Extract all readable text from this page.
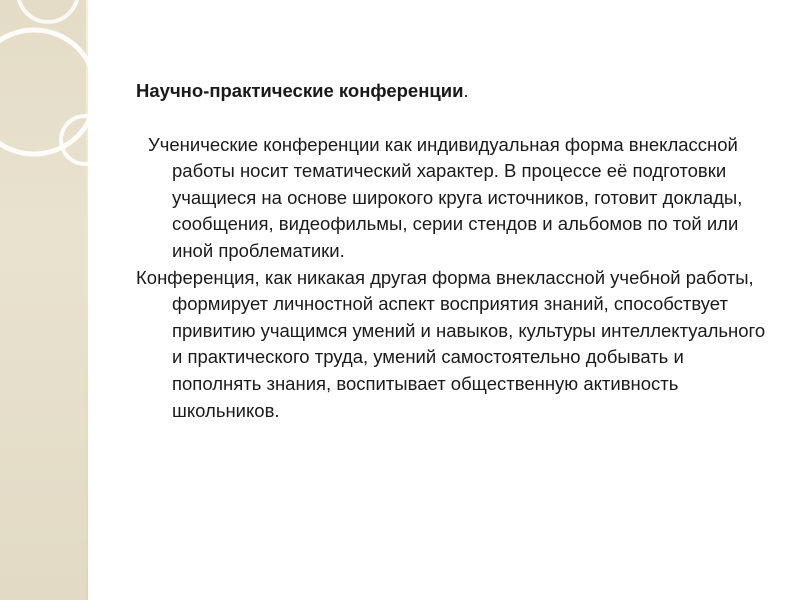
Научно-практические конференции.

Ученические конференции как индивидуальная форма внеклассной работы носит тематический характер. В процессе её подготовки учащиеся на основе широкого круга источников, готовит доклады, сообщения, видеофильмы, серии стендов и альбомов по той или иной проблематики.

Конференция, как никакая другая форма внеклассной учебной работы, формирует личностной аспект восприятия знаний, способствует привитию учащимся умений и навыков, культуры интеллектуального и практического труда, умений самостоятельно добывать и пополнять знания, воспитывает общественную активность школьников.
